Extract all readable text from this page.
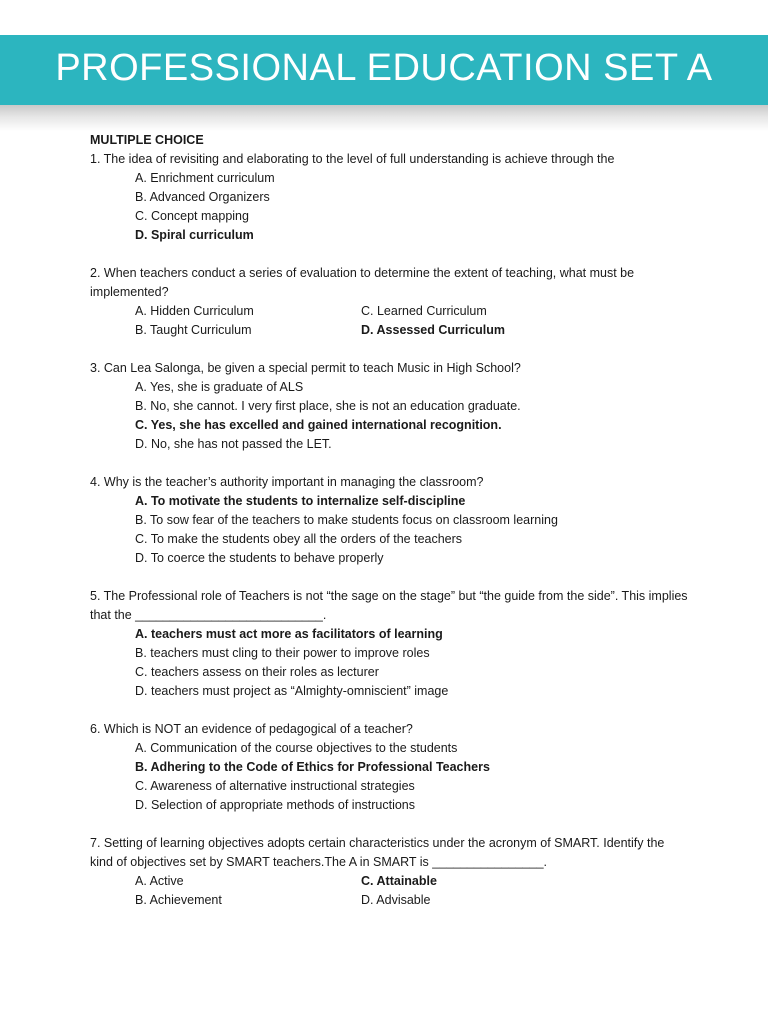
PROFESSIONAL EDUCATION SET A

MULTIPLE CHOICE

1. The idea of revisiting and elaborating to the level of full understanding is achieve through the

A. Enrichment curriculum
B. Advanced Organizers
C. Concept mapping
D. Spiral curriculum

2. When teachers conduct a series of evaluation to determine the extent of teaching, what must be implemented?

A. Hidden Curriculum	C. Learned Curriculum
B. Taught Curriculum	D. Assessed Curriculum

3. Can Lea Salonga, be given a special permit to teach Music in High School?

A. Yes, she is graduate of ALS
B. No, she cannot. I very first place, she is not an education graduate.
C. Yes, she has excelled and gained international recognition.
D. No, she has not passed the LET.

4. Why is the teacher’s authority important in managing the classroom?

A. To motivate the students to internalize self-discipline
B. To sow fear of the teachers to make students focus on classroom learning
C. To make the students obey all the orders of the teachers
D. To coerce the students to behave properly

5. The Professional role of Teachers is not “the sage on the stage” but “the guide from the side”. This implies that the ___________________________.

A. teachers must act more as facilitators of learning
B. teachers must cling to their power to improve roles
C. teachers assess on their roles as lecturer
D. teachers must project as “Almighty-omniscient” image

6. Which is NOT an evidence of pedagogical of a teacher?

A. Communication of the course objectives to the students
B. Adhering to the Code of Ethics for Professional Teachers
C. Awareness of alternative instructional strategies
D. Selection of appropriate methods of instructions

7. Setting of learning objectives adopts certain characteristics under the acronym of SMART. Identify the kind of objectives set by SMART teachers.The A in SMART is ________________.

A. Active	C. Attainable
B. Achievement	D. Advisable
